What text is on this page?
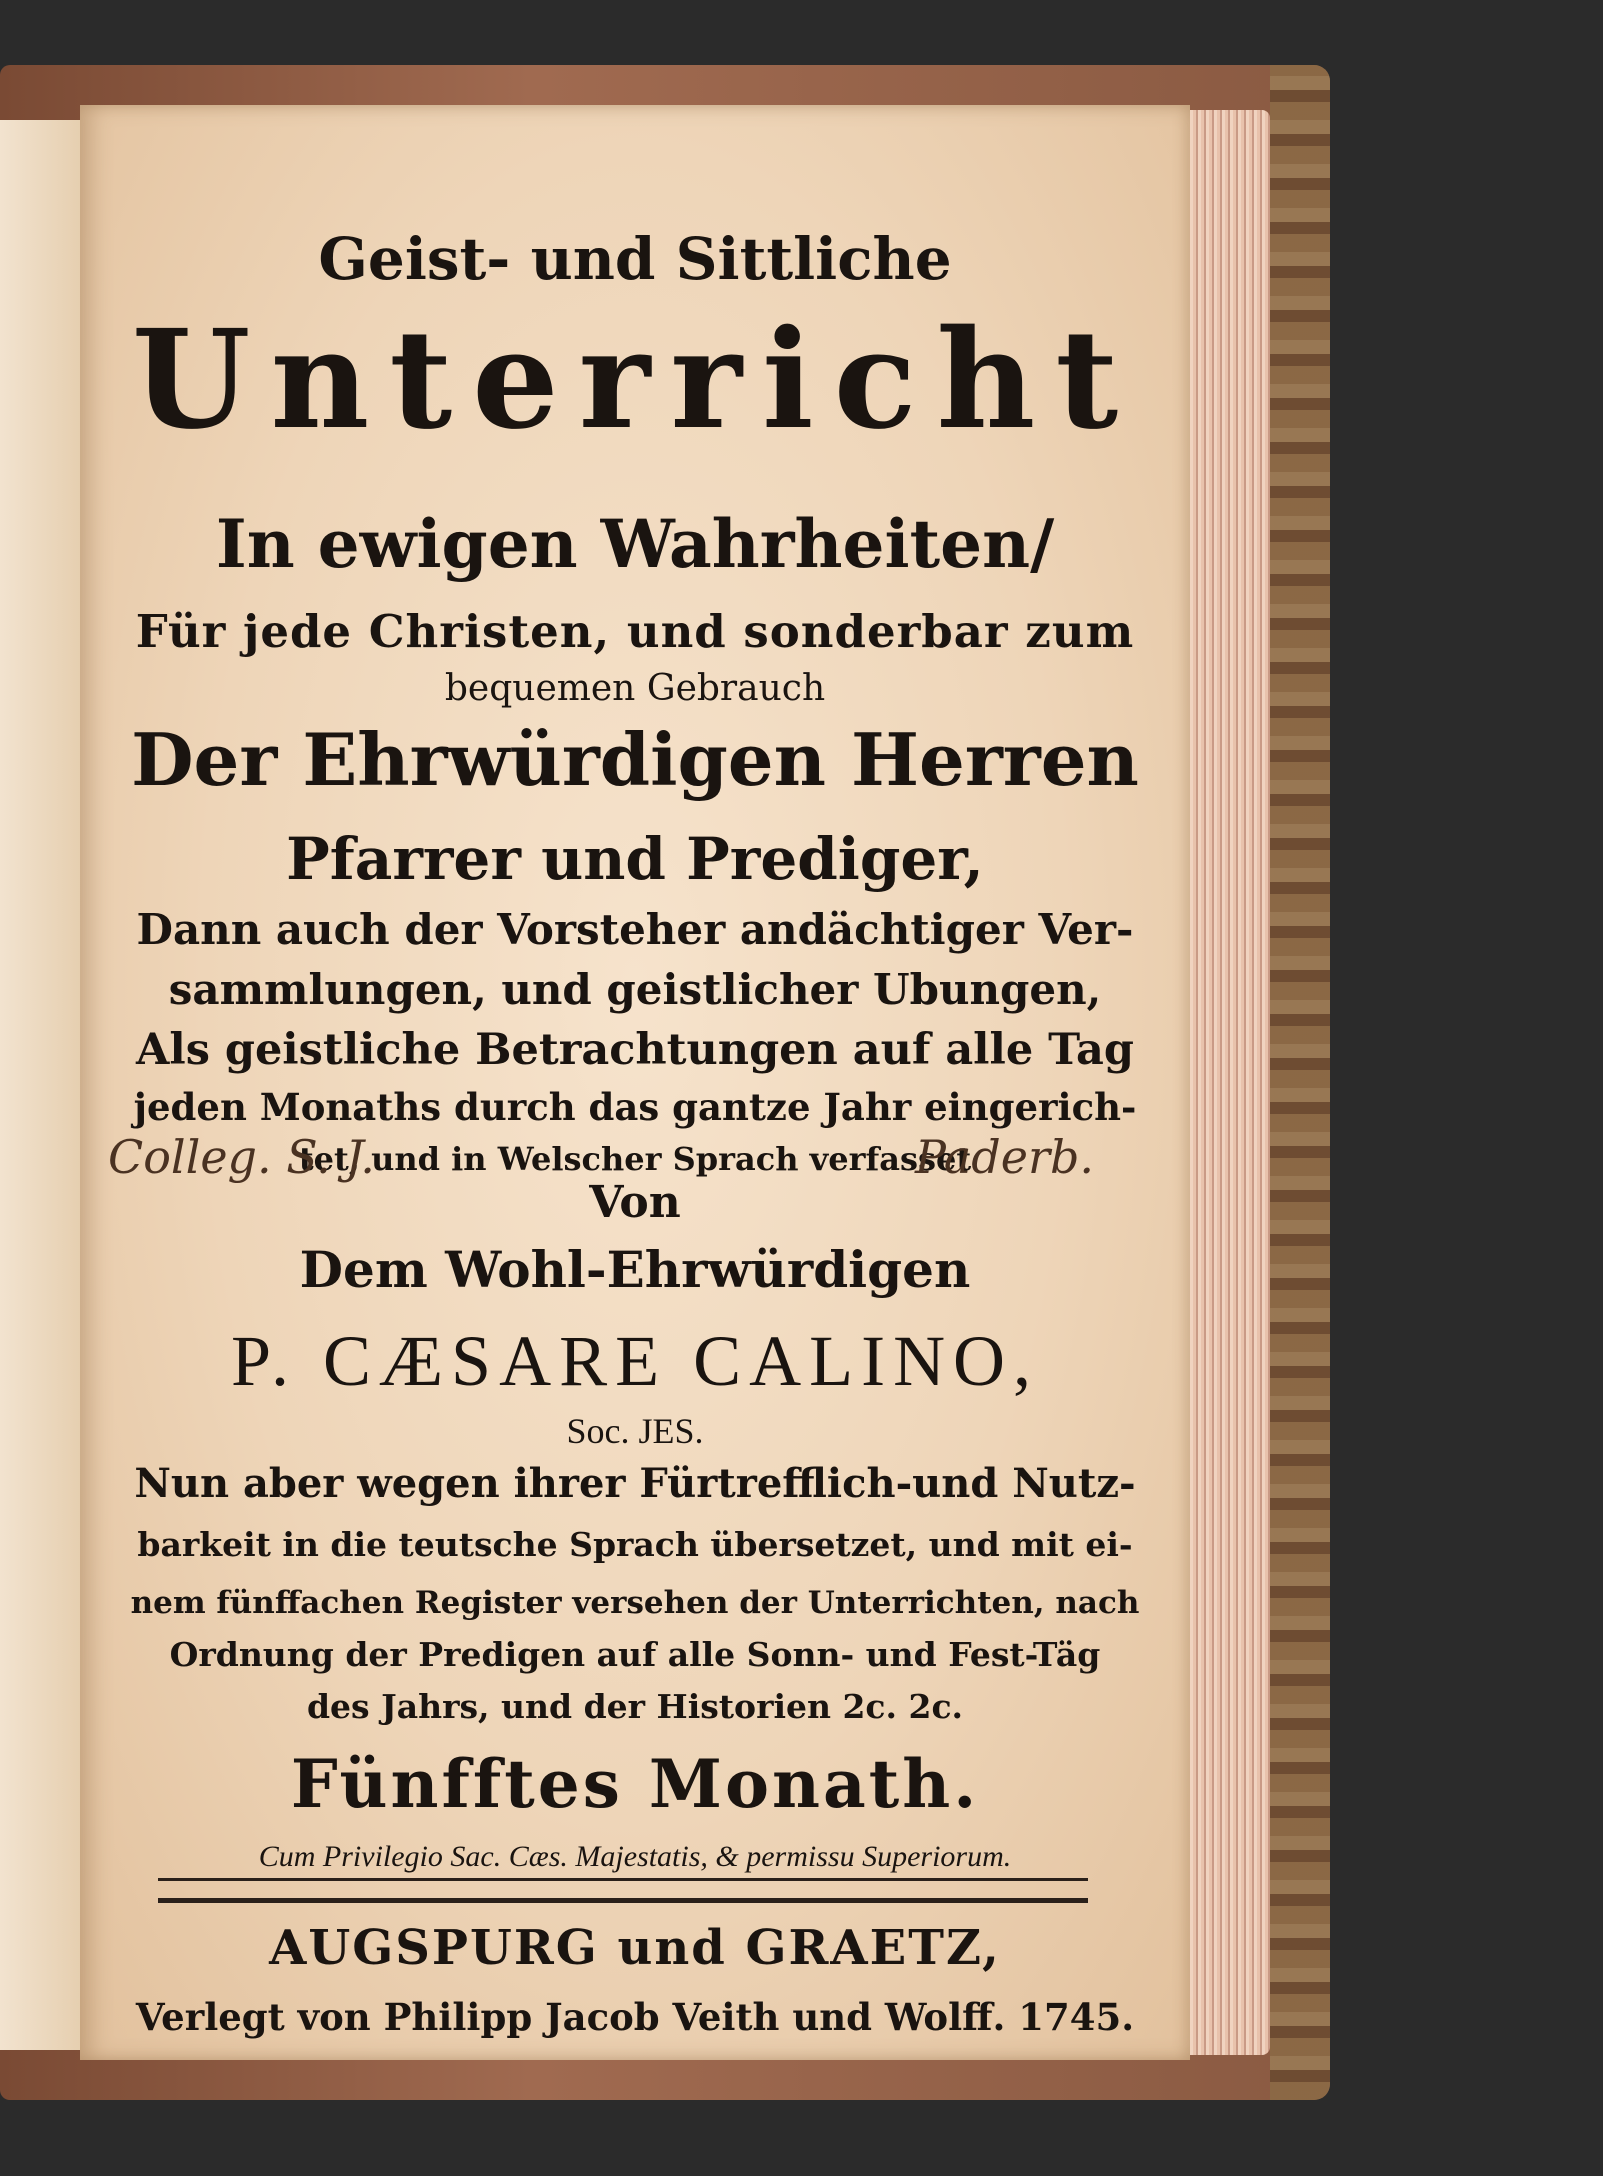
Geist- und Sittliche
Unterricht
In ewigen Wahrheiten/
Für jede Christen, und sonderbar zum
bequemen Gebrauch
Der Ehrwürdigen Herren
Pfarrer und Prediger,
Dann auch der Vorsteher andächtiger Ver-
sammlungen, und geistlicher Ubungen,
Als geistliche Betrachtungen auf alle Tag
jeden Monaths durch das gantze Jahr eingerich-
tet, und in Welscher Sprach verfasset
Von
Dem Wohl-Ehrwürdigen
P. CÆSARE CALINO,
Soc. JES.
Nun aber wegen ihrer Fürtrefflich-und Nutz-
barkeit in die teutsche Sprach übersetzet, und mit ei-
nem fünffachen Register versehen der Unterrichten, nach
Ordnung der Predigen auf alle Sonn- und Fest-Täg
des Jahrs, und der Historien 2c. 2c.
Fünfftes Monath.
Cum Privilegio Sac. Cæs. Majestatis, & permissu Superiorum.
AUGSPURG und GRAETZ,
Verlegt von Philipp Jacob Veith und Wolff. 1745.
Colleg. S. J.	Paderb.
